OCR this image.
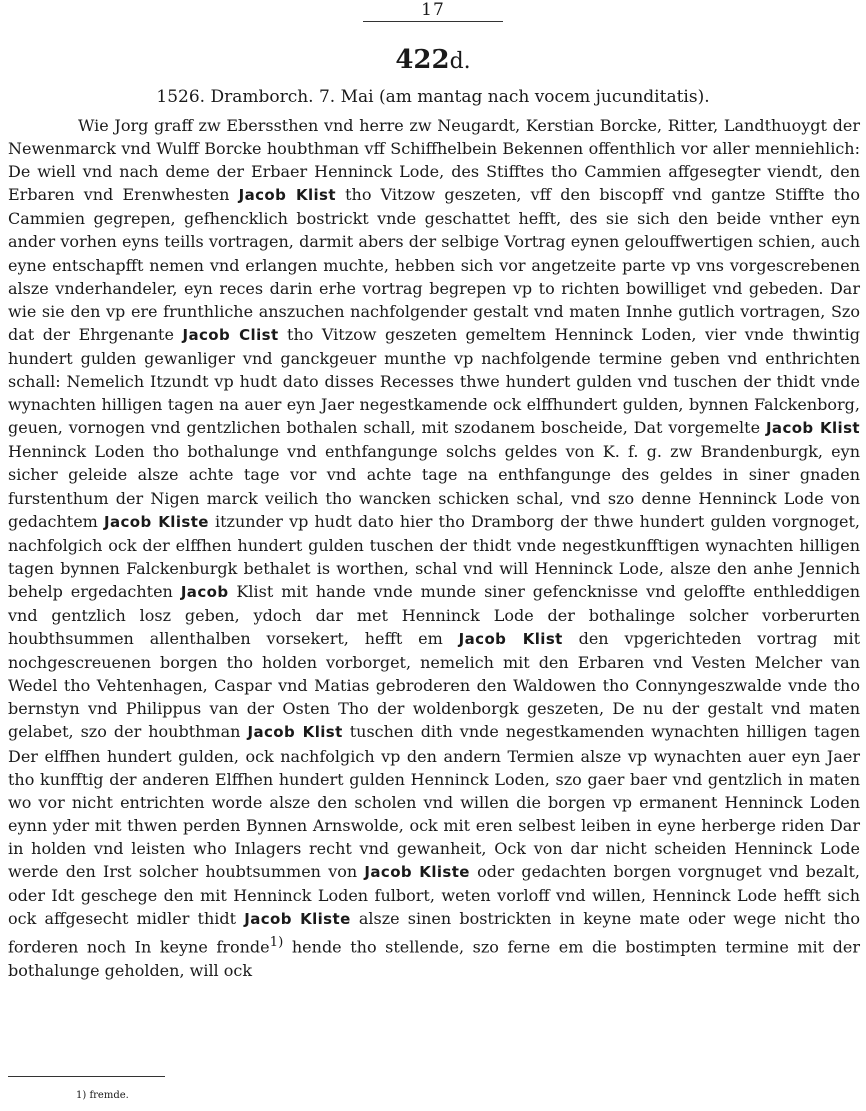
17
422d.
1526. Dramborch. 7. Mai (am mantag nach vocem jucunditatis).

Wie Jorg graff zw Eberssthen vnd herre zw Neugardt, Kerstian Borcke, Ritter, Landthuoygt der Newenmarck vnd Wulff Borcke houbthman vff Schiffhelbein Bekennen offenthlich vor aller menniehlich: De wiell vnd nach deme der Erbaer Henninck Lode, des Stifftes tho Cammien affgesegter viendt, den Erbaren vnd Erenwhesten Jacob Klist tho Vitzow geszeten, vff den biscopff vnd gantze Stiffte tho Cammien gegrepen, gefhencklich bostrickt vnde geschattet hefft, des sie sich den beide vnther eyn ander vorhen eyns teills vortragen, darmit abers der selbige Vortrag eynen gelouffwertigen schien, auch eyne entschapfft nemen vnd erlangen muchte, hebben sich vor angetzeite parte vp vns vorgescrebenen alsze vnderhandeler, eyn reces darin erhe vortrag begrepen vp to richten bowilliget vnd gebeden. Dar wie sie den vp ere frunthliche anszuchen nachfolgender gestalt vnd maten Innhe gutlich vortragen, Szo dat der Ehrgenante Jacob Clist tho Vitzow geszeten gemeltem Henninck Loden, vier vnde thwintig hundert gulden gewanliger vnd ganckgeuer munthe vp nachfolgende termine geben vnd enthrichten schall: Nemelich Itzundt vp hudt dato disses Recesses thwe hundert gulden vnd tuschen der thidt vnde wynachten hilligen tagen na auer eyn Jaer negestkamende ock elffhundert gulden, bynnen Falckenborg, geuen, vornogen vnd gentzlichen bothalen schall, mit szodanem boscheide, Dat vorgemelte Jacob Klist Henninck Loden tho bothalunge vnd enthfangunge solchs geldes von K. f. g. zw Brandenburgk, eyn sicher geleide alsze achte tage vor vnd achte tage na enthfangunge des geldes in siner gnaden furstenthum der Nigen marck veilich tho wancken schicken schal, vnd szo denne Henninck Lode von gedachtem Jacob Kliste itzunder vp hudt dato hier tho Dramborg der thwe hundert gulden vorgnoget, nachfolgich ock der elffhen hundert gulden tuschen der thidt vnde negestkunfftigen wynachten hilligen tagen bynnen Falckenburgk bethalet is worthen, schal vnd will Henninck Lode, alsze den anhe Jennich behelp ergedachten Jacob Klist mit hande vnde munde siner gefencknisse vnd geloffte enthleddigen vnd gentzlich losz geben, ydoch dar met Henninck Lode der bothalinge solcher vorberurten houbthsummen allenthalben vorsekert, hefft em Jacob Klist den vpgerichteden vortrag mit nochgescreuenen borgen tho holden vorborget, nemelich mit den Erbaren vnd Vesten Melcher van Wedel tho Vehtenhagen, Caspar vnd Matias gebroderen den Waldowen tho Connyngeszwalde vnde tho bernstyn vnd Philippus van der Osten Tho der woldenborgk geszeten, De nu der gestalt vnd maten gelabet, szo der houbthman Jacob Klist tuschen dith vnde negestkamenden wynachten hilligen tagen Der elffhen hundert gulden, ock nachfolgich vp den andern Termien alsze vp wynachten auer eyn Jaer tho kunfftig der anderen Elffhen hundert gulden Henninck Loden, szo gaer baer vnd gentzlich in maten wo vor nicht entrichten worde alsze den scholen vnd willen die borgen vp ermanent Henninck Loden eynn yder mit thwen perden Bynnen Arnswolde, ock mit eren selbest leiben in eyne herberge riden Dar in holden vnd leisten who Inlagers recht vnd gewanheit, Ock von dar nicht scheiden Henninck Lode werde den Irst solcher houbtsummen von Jacob Kliste oder gedachten borgen vorgnuget vnd bezalt, oder Idt geschege den mit Henninck Loden fulbort, weten vorloff vnd willen, Henninck Lode hefft sich ock affgesecht midler thidt Jacob Kliste alsze sinen bostrickten in keyne mate oder wege nicht tho forderen noch In keyne fronde$^{1)}$ hende tho stellende, szo ferne em die bostimpten termine mit der bothalunge geholden, will ock

1) fremde.
